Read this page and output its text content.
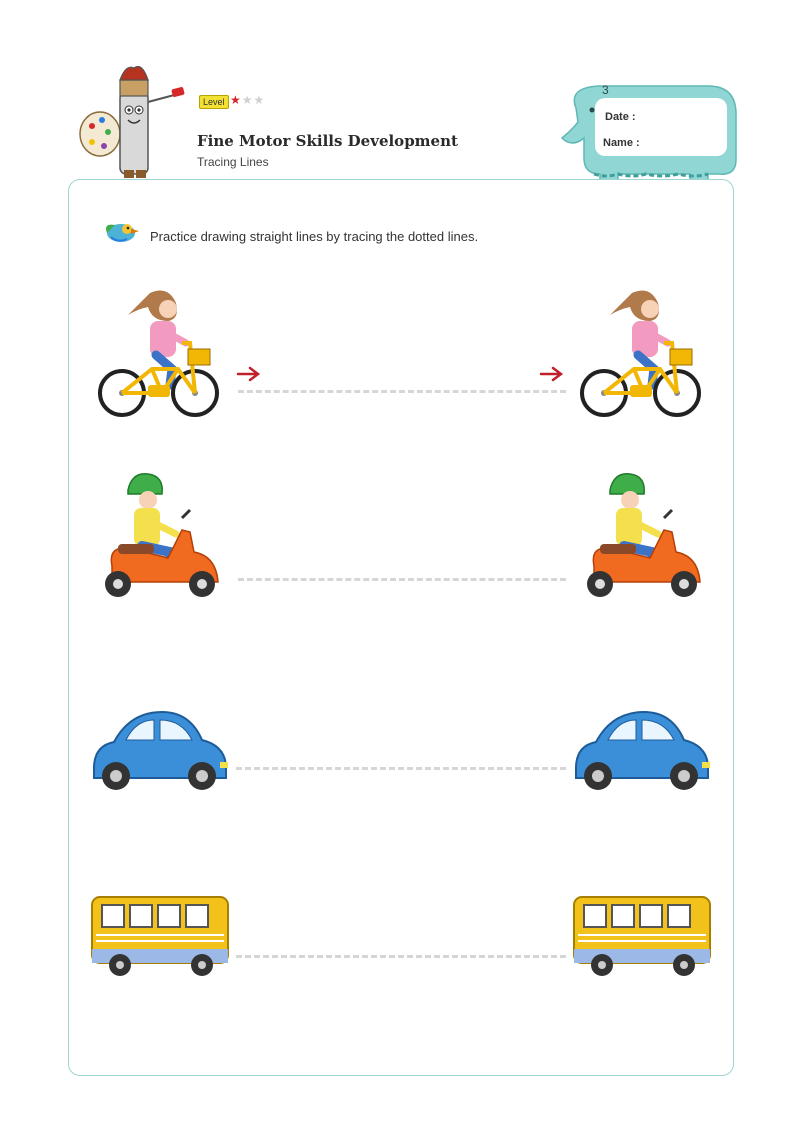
Level ★★★
Fine Motor Skills Development
Tracing Lines
3
Date :
Name :
Practice drawing straight lines by tracing the dotted lines.
